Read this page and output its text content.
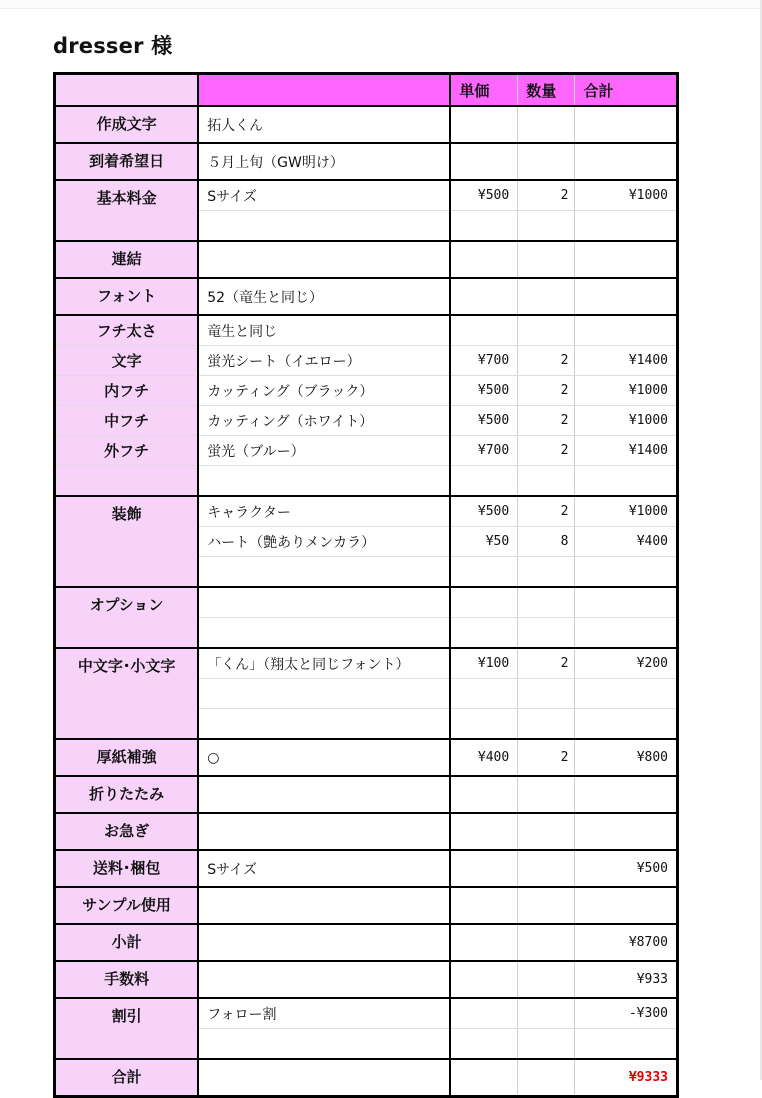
dresser 様
		単価	数量	合計
作成文字	拓人くん			
到着希望日	５月上旬（GW明け）			
基本料金	Sサイズ	¥500	2	¥1000

連結				
フォント	52（竜生と同じ）			
フチ太さ	竜生と同じ			
文字	蛍光シート（イエロー）	¥700	2	¥1400
内フチ	カッティング（ブラック）	¥500	2	¥1000
中フチ	カッティング（ホワイト）	¥500	2	¥1000
外フチ	蛍光（ブルー）	¥700	2	¥1400

装飾	キャラクター	¥500	2	¥1000
	ハート（艶ありメンカラ）	¥50	8	¥400

オプション				

中文字･小文字	「くん」（翔太と同じフォント）	¥100	2	¥200

厚紙補強	○	¥400	2	¥800
折りたたみ				
お急ぎ				
送料･梱包	Sサイズ			¥500
サンプル使用				
小計				¥8700
手数料				¥933
割引	フォロー割			-¥300

合計				¥9333
